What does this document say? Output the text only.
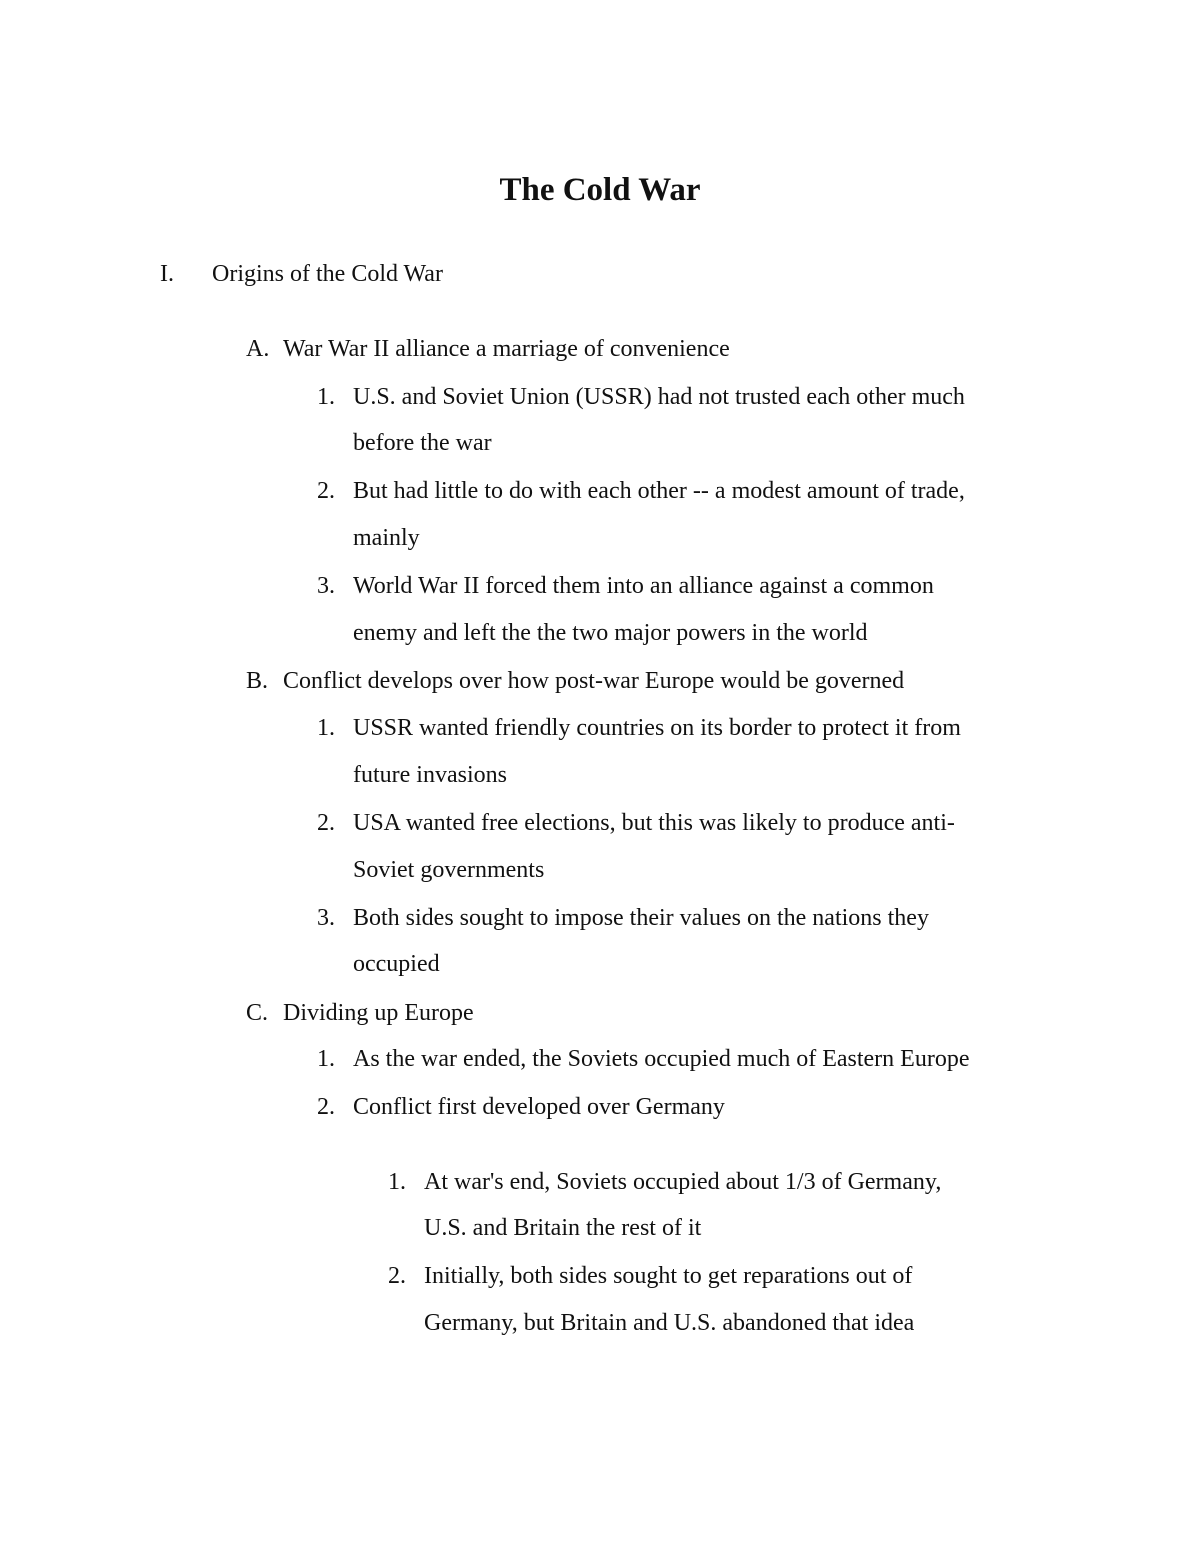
The Cold War
I. Origins of the Cold War
A. War War II alliance a marriage of convenience
1. U.S. and Soviet Union (USSR) had not trusted each other much
before the war
2. But had little to do with each other -- a modest amount of trade,
mainly
3. World War II forced them into an alliance against a common
enemy and left the the two major powers in the world
B. Conflict develops over how post-war Europe would be governed
1. USSR wanted friendly countries on its border to protect it from
future invasions
2. USA wanted free elections, but this was likely to produce anti-
Soviet governments
3. Both sides sought to impose their values on the nations they
occupied
C. Dividing up Europe
1. As the war ended, the Soviets occupied much of Eastern Europe
2. Conflict first developed over Germany
1. At war's end, Soviets occupied about 1/3 of Germany,
U.S. and Britain the rest of it
2. Initially, both sides sought to get reparations out of
Germany, but Britain and U.S. abandoned that idea
